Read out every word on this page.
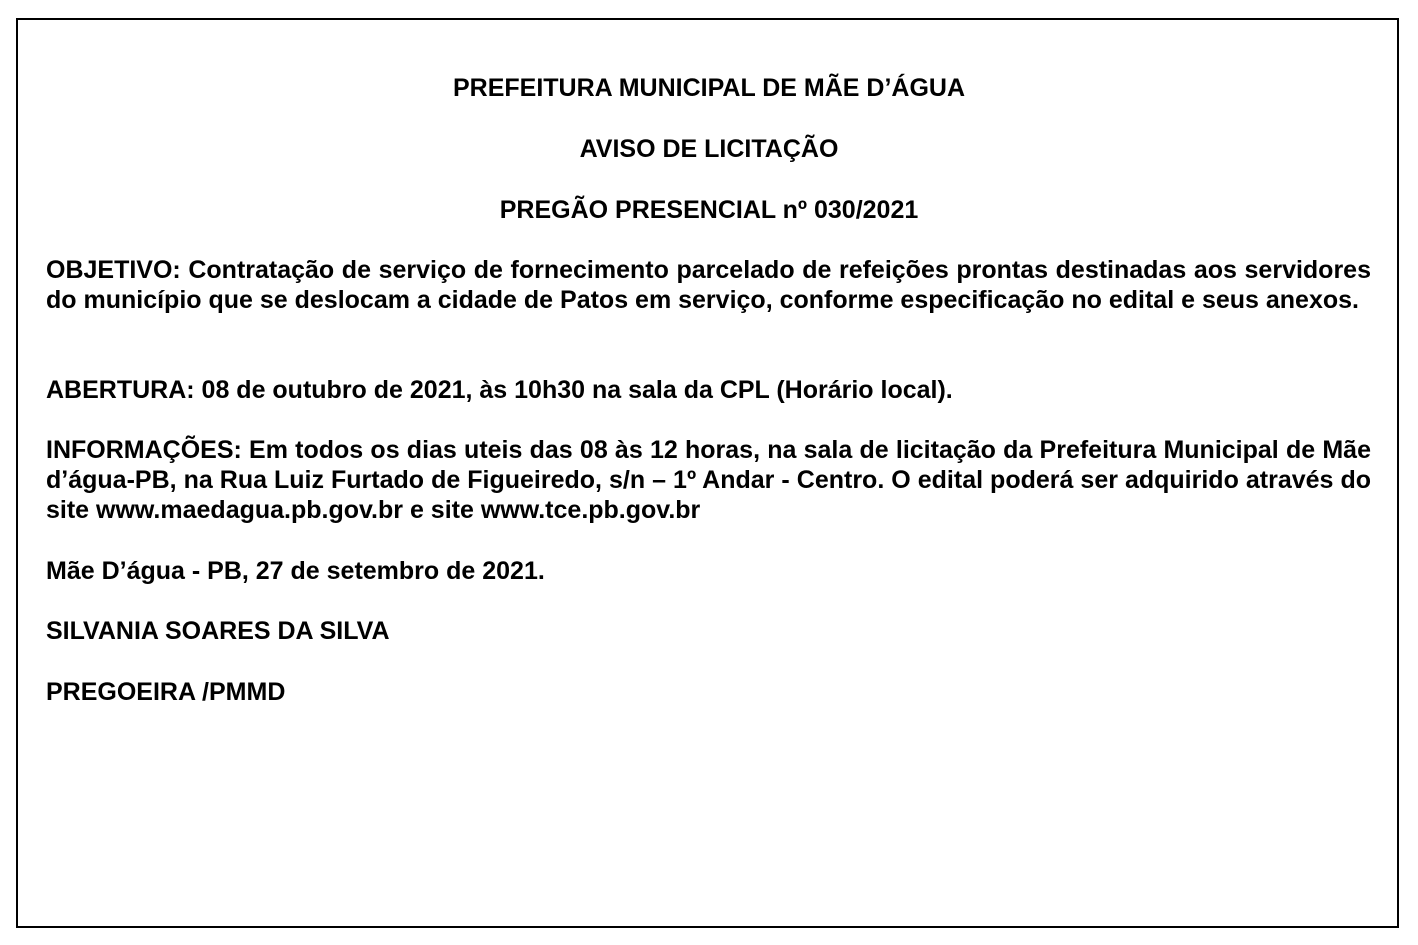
PREFEITURA MUNICIPAL DE MÃE D’ÁGUA
AVISO DE LICITAÇÃO
PREGÃO PRESENCIAL nº 030/2021
OBJETIVO: Contratação de serviço de fornecimento parcelado de refeições prontas destinadas aos servidores do município que se deslocam a cidade de Patos em serviço, conforme especificação no edital e seus anexos.
ABERTURA: 08 de outubro de 2021, às 10h30 na sala da CPL (Horário local).
INFORMAÇÕES: Em todos os dias uteis das 08 às 12 horas, na sala de licitação da Prefeitura Municipal de Mãe d’água-PB, na Rua Luiz Furtado de Figueiredo, s/n – 1º Andar - Centro. O edital poderá ser adquirido através do site www.maedagua.pb.gov.br e site www.tce.pb.gov.br
Mãe D’água - PB, 27 de setembro de 2021.
SILVANIA SOARES DA SILVA
PREGOEIRA /PMMD
